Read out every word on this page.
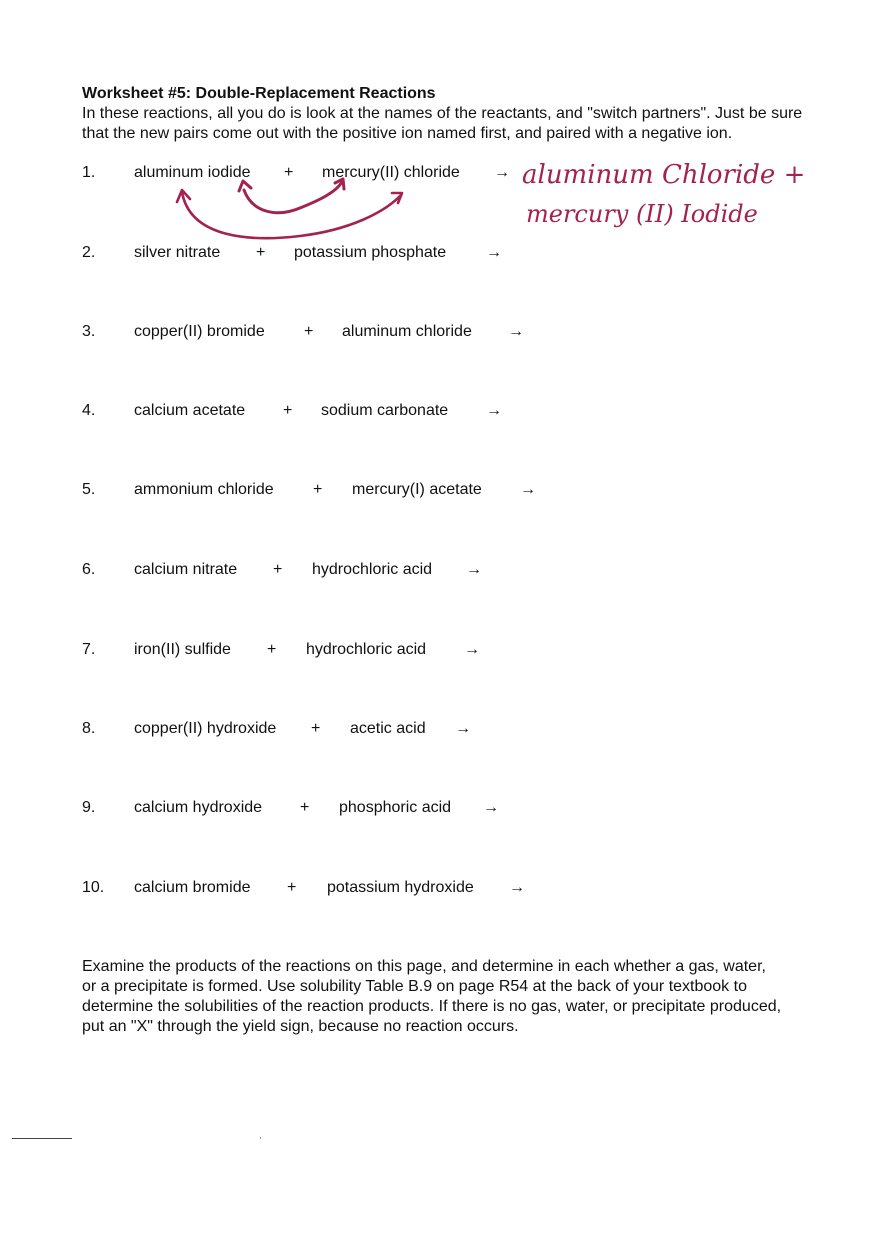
Worksheet #5: Double-Replacement Reactions
In these reactions, all you do is look at the names of the reactants, and "switch partners". Just be sure that the new pairs come out with the positive ion named first, and paired with a negative ion.
1. aluminum iodide + mercury(II) chloride →
2. silver nitrate + potassium phosphate →
3. copper(II) bromide + aluminum chloride →
4. calcium acetate + sodium carbonate →
5. ammonium chloride + mercury(I) acetate →
6. calcium nitrate + hydrochloric acid →
7. iron(II) sulfide + hydrochloric acid →
8. copper(II) hydroxide + acetic acid →
9. calcium hydroxide + phosphoric acid →
10. calcium bromide + potassium hydroxide →
aluminum Chloride +
mercury (II) Iodide
Examine the products of the reactions on this page, and determine in each whether a gas, water, or a precipitate is formed. Use solubility Table B.9 on page R54 at the back of your textbook to determine the solubilities of the reaction products. If there is no gas, water, or precipitate produced, put an "X" through the yield sign, because no reaction occurs.
